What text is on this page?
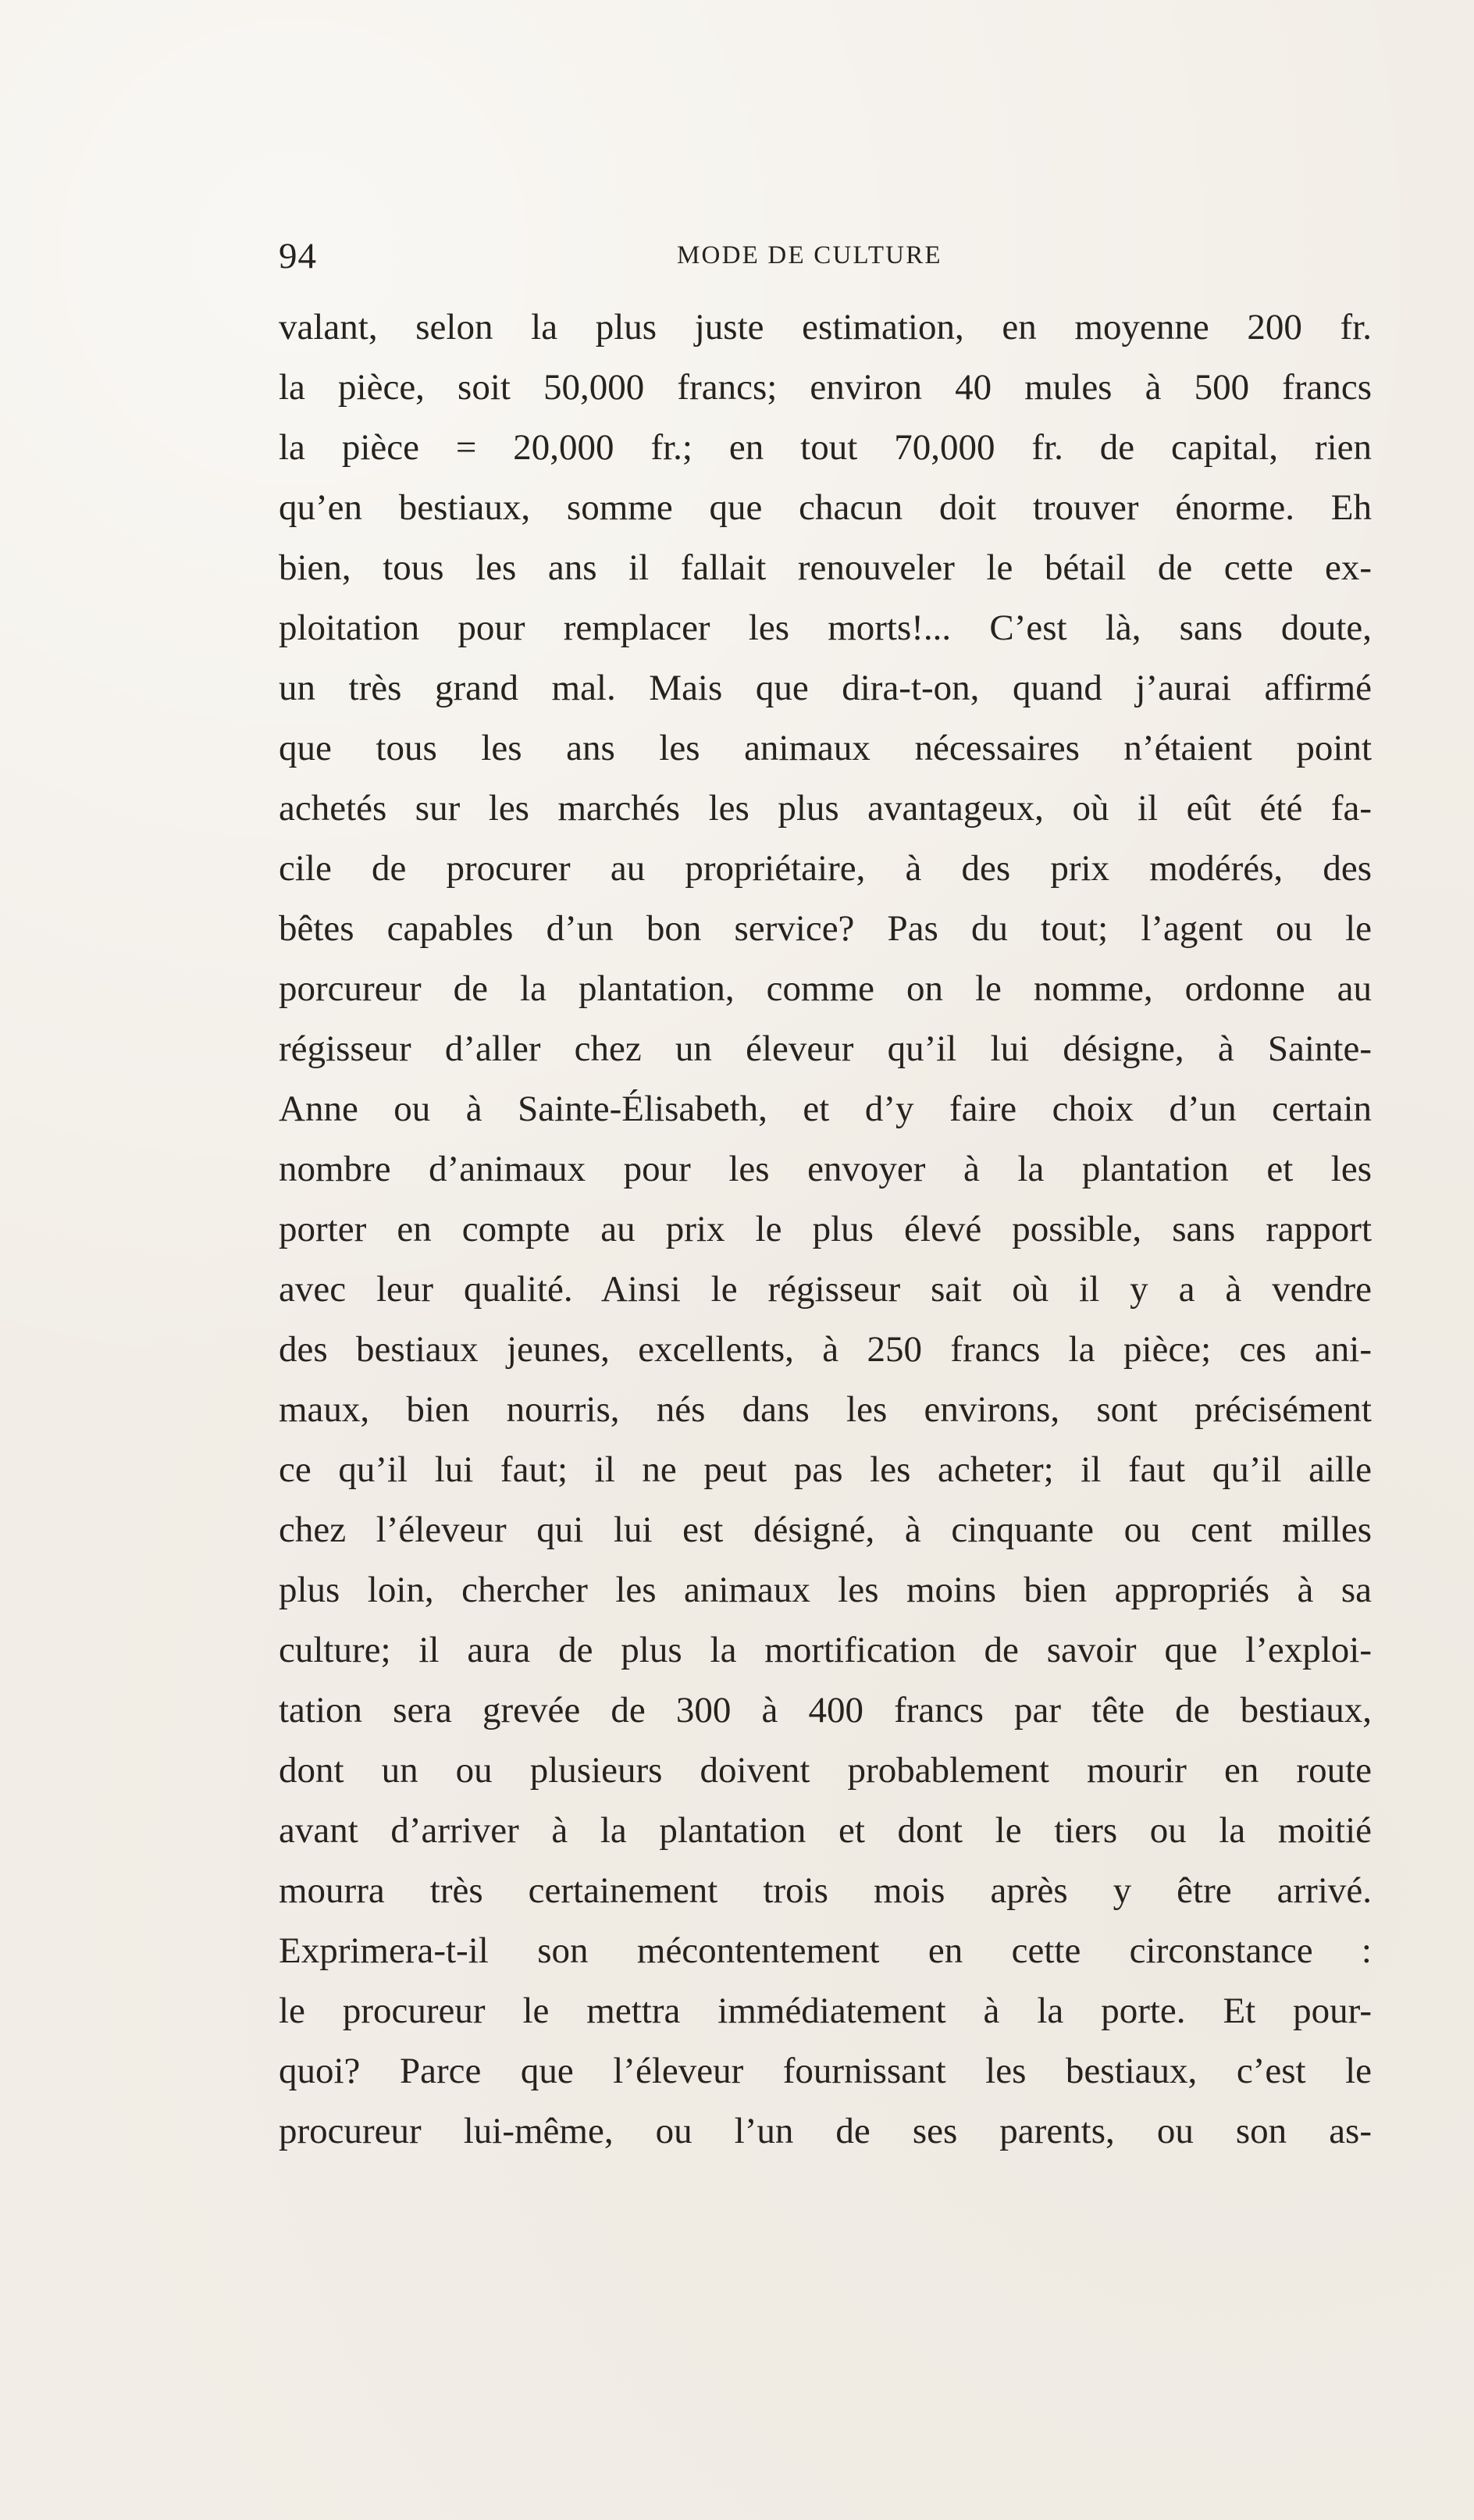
94	MODE DE CULTURE
valant, selon la plus juste estimation, en moyenne 200 fr.
la pièce, soit 50,000 francs; environ 40 mules à 500 francs
la pièce = 20,000 fr.; en tout 70,000 fr. de capital, rien
qu’en bestiaux, somme que chacun doit trouver énorme. Eh
bien, tous les ans il fallait renouveler le bétail de cette ex-
ploitation pour remplacer les morts!... C’est là, sans doute,
un très grand mal. Mais que dira-t-on, quand j’aurai affirmé
que tous les ans les animaux nécessaires n’étaient point
achetés sur les marchés les plus avantageux, où il eût été fa-
cile de procurer au propriétaire, à des prix modérés, des
bêtes capables d’un bon service? Pas du tout; l’agent ou le
porcureur de la plantation, comme on le nomme, ordonne au
régisseur d’aller chez un éleveur qu’il lui désigne, à Sainte-
Anne ou à Sainte-Élisabeth, et d’y faire choix d’un certain
nombre d’animaux pour les envoyer à la plantation et les
porter en compte au prix le plus élevé possible, sans rapport
avec leur qualité. Ainsi le régisseur sait où il y a à vendre
des bestiaux jeunes, excellents, à 250 francs la pièce; ces ani-
maux, bien nourris, nés dans les environs, sont précisément
ce qu’il lui faut; il ne peut pas les acheter; il faut qu’il aille
chez l’éleveur qui lui est désigné, à cinquante ou cent milles
plus loin, chercher les animaux les moins bien appropriés à sa
culture; il aura de plus la mortification de savoir que l’exploi-
tation sera grevée de 300 à 400 francs par tête de bestiaux,
dont un ou plusieurs doivent probablement mourir en route
avant d’arriver à la plantation et dont le tiers ou la moitié
mourra très certainement trois mois après y être arrivé.
Exprimera-t-il son mécontentement en cette circonstance :
le procureur le mettra immédiatement à la porte. Et pour-
quoi? Parce que l’éleveur fournissant les bestiaux, c’est le
procureur lui-même, ou l’un de ses parents, ou son as-
